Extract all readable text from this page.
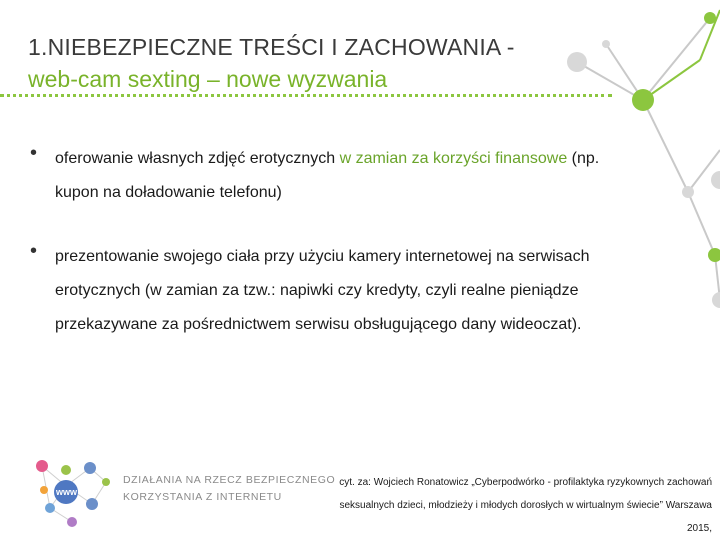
1.NIEBEZPIECZNE TREŚCI I ZACHOWANIA -
web-cam sexting – nowe wyzwania
• oferowanie własnych zdjęć erotycznych w zamian za korzyści finansowe (np. kupon na doładowanie telefonu)
• prezentowanie swojego ciała przy użyciu kamery internetowej na serwisach erotycznych (w zamian za tzw.: napiwki czy kredyty, czyli realne pieniądze przekazywane za pośrednictwem serwisu obsługującego dany wideoczat).
www
DZIAŁANIA NA RZECZ BEZPIECZNEGO
KORZYSTANIA Z INTERNETU
cyt. za: Wojciech Ronatowicz „Cyberpodwórko - profilaktyka ryzykownych zachowań seksualnych dzieci, młodzieży i młodych dorosłych w wirtualnym świecie” Warszawa 2015,
